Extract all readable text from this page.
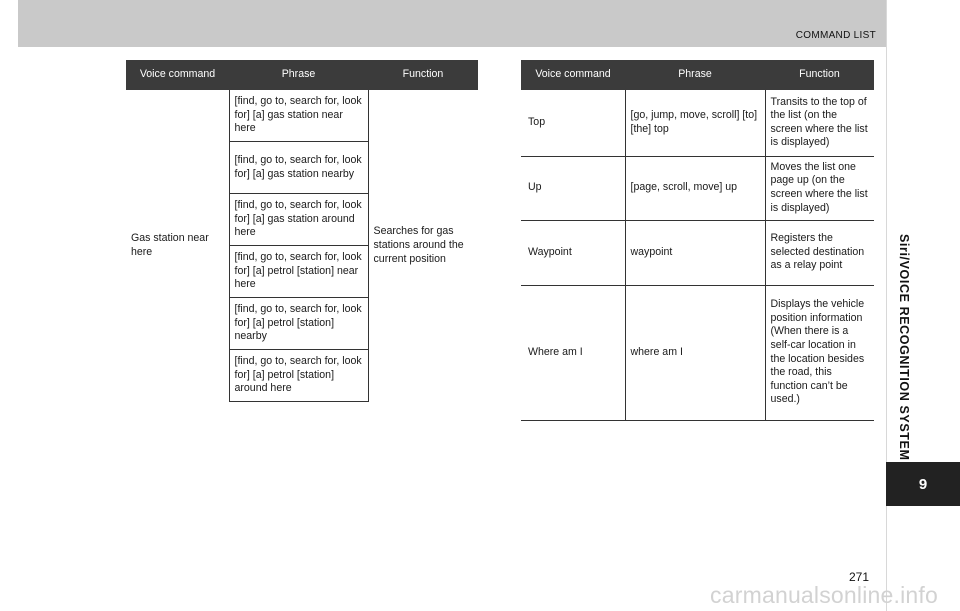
COMMAND LIST
Voice command	Phrase	Function
Gas station near here	[find, go to, search for, look for] [a] gas station near here	Searches for gas stations around the current position
	[find, go to, search for, look for] [a] gas station nearby	
	[find, go to, search for, look for] [a] gas station around here	
	[find, go to, search for, look for] [a] petrol [station] near here	
	[find, go to, search for, look for] [a] petrol [station] nearby	
	[find, go to, search for, look for] [a] petrol [station] around here	
Voice command	Phrase	Function
Top	[go, jump, move, scroll] [to] [the] top	Transits to the top of the list (on the screen where the list is displayed)
Up	[page, scroll, move] up	Moves the list one page up (on the screen where the list is displayed)
Waypoint	waypoint	Registers the selected destination as a relay point
Where am I	where am I	Displays the vehicle position information (When there is a self-car location in the location besides the road, this function can’t be used.)	Siri/VOICE RECOGNITION SYSTEM
9
271
carmanualsonline.info
